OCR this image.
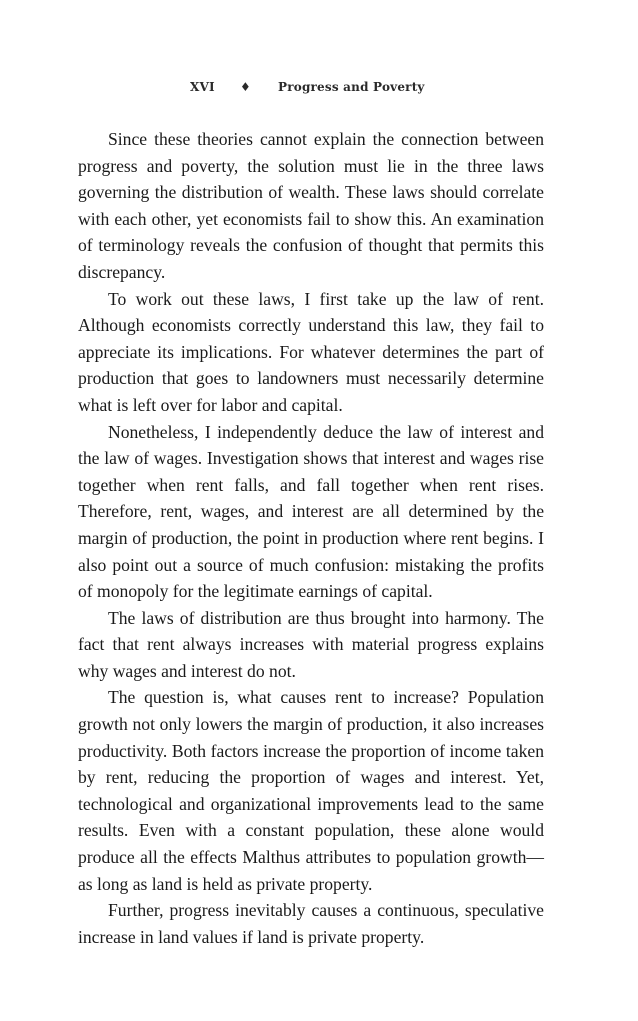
XVI ♦ Progress and Poverty

Since these theories cannot explain the connection between progress and poverty, the solution must lie in the three laws governing the distribution of wealth. These laws should correlate with each other, yet economists fail to show this. An examination of terminology reveals the confusion of thought that permits this discrepancy.

To work out these laws, I first take up the law of rent. Although economists correctly understand this law, they fail to appreciate its implications. For whatever determines the part of production that goes to landowners must necessarily determine what is left over for labor and capital.

Nonetheless, I independently deduce the law of interest and the law of wages. Investigation shows that interest and wages rise together when rent falls, and fall together when rent rises. Therefore, rent, wages, and interest are all determined by the margin of production, the point in production where rent begins. I also point out a source of much confusion: mistaking the profits of monopoly for the legitimate earnings of capital.

The laws of distribution are thus brought into harmony. The fact that rent always increases with material progress explains why wages and interest do not.

The question is, what causes rent to increase? Population growth not only lowers the margin of production, it also increases productivity. Both factors increase the proportion of income taken by rent, reducing the proportion of wages and interest. Yet, technological and organizational improvements lead to the same results. Even with a constant population, these alone would produce all the effects Malthus attributes to population growth—as long as land is held as private property.

Further, progress inevitably causes a continuous, speculative increase in land values if land is private property.
